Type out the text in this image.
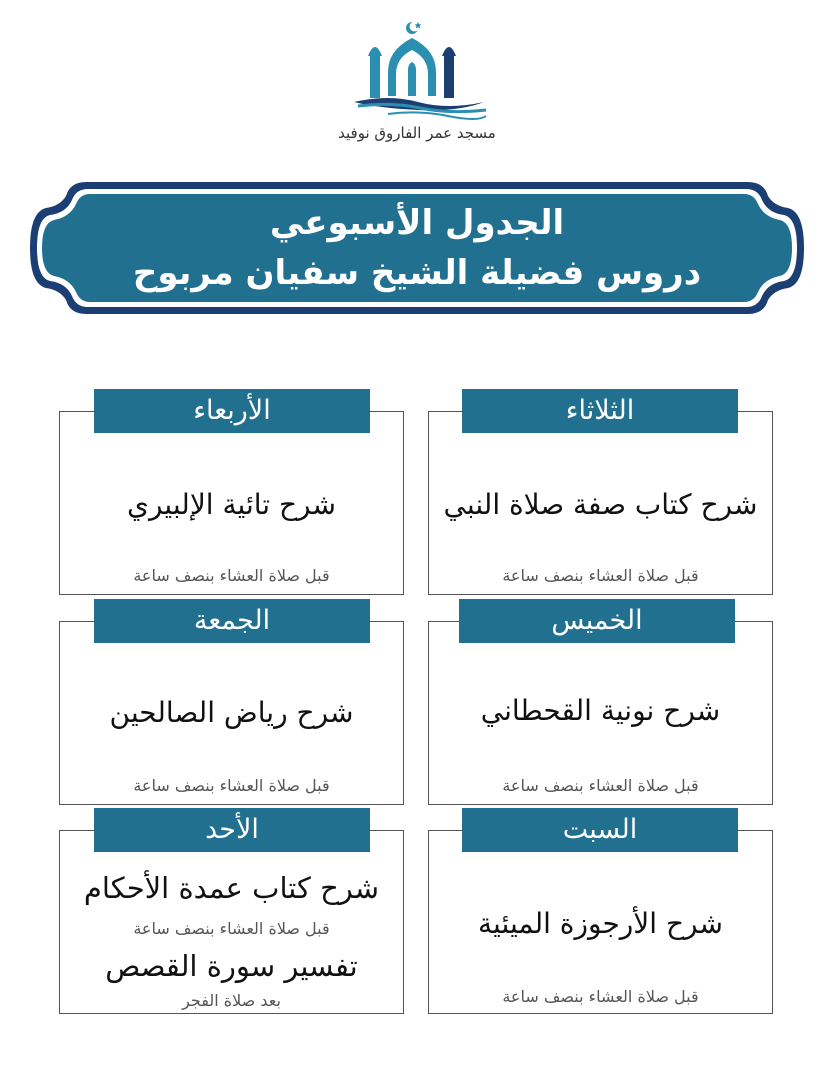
مسجد عمر الفاروق نوفيد
الجدول الأسبوعي
دروس فضيلة الشيخ سفيان مربوح
شرح كتاب صفة صلاة النبي
قبل صلاة العشاء بنصف ساعة
الثلاثاء
شرح تائية الإلبيري
قبل صلاة العشاء بنصف ساعة
الأربعاء
شرح نونية القحطاني
قبل صلاة العشاء بنصف ساعة
الخميس
شرح رياض الصالحين
قبل صلاة العشاء بنصف ساعة
الجمعة
شرح الأرجوزة الميئية
قبل صلاة العشاء بنصف ساعة
السبت
شرح كتاب عمدة الأحكام
قبل صلاة العشاء بنصف ساعة
تفسير سورة القصص
بعد صلاة الفجر
الأحد
